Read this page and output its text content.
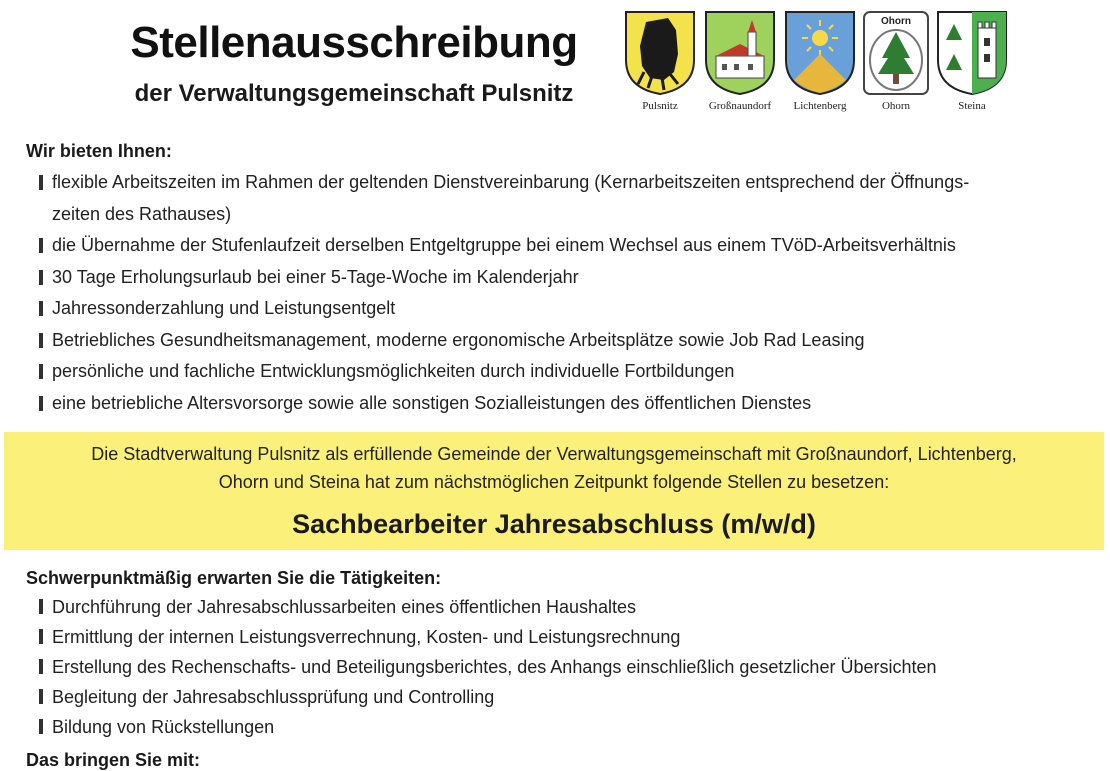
Stellenausschreibung
der Verwaltungsgemeinschaft Pulsnitz	Pulsnitz	Großnaundorf	Lichtenberg
Ohorn
Ohorn	Steina
Wir bieten Ihnen:
flexible Arbeitszeiten im Rahmen der geltenden Dienstvereinbarung (Kernarbeitszeiten entsprechend der Öffnungs-
zeiten des Rathauses)
die Übernahme der Stufenlaufzeit derselben Entgeltgruppe bei einem Wechsel aus einem TVöD-Arbeitsverhältnis
30 Tage Erholungsurlaub bei einer 5-Tage-Woche im Kalenderjahr
Jahressonderzahlung und Leistungsentgelt
Betriebliches Gesundheitsmanagement, moderne ergonomische Arbeitsplätze sowie Job Rad Leasing
persönliche und fachliche Entwicklungsmöglichkeiten durch individuelle Fortbildungen
eine betriebliche Altersvorsorge sowie alle sonstigen Sozialleistungen des öffentlichen Dienstes
Die Stadtverwaltung Pulsnitz als erfüllende Gemeinde der Verwaltungsgemeinschaft mit Großnaundorf, Lichtenberg,
Ohorn und Steina hat zum nächstmöglichen Zeitpunkt folgende Stellen zu besetzen:
Sachbearbeiter Jahresabschluss (m/w/d)
Schwerpunktmäßig erwarten Sie die Tätigkeiten:
Durchführung der Jahresabschlussarbeiten eines öffentlichen Haushaltes
Ermittlung der internen Leistungsverrechnung, Kosten- und Leistungsrechnung
Erstellung des Rechenschafts- und Beteiligungsberichtes, des Anhangs einschließlich gesetzlicher Übersichten
Begleitung der Jahresabschlussprüfung und Controlling
Bildung von Rückstellungen
Das bringen Sie mit:
